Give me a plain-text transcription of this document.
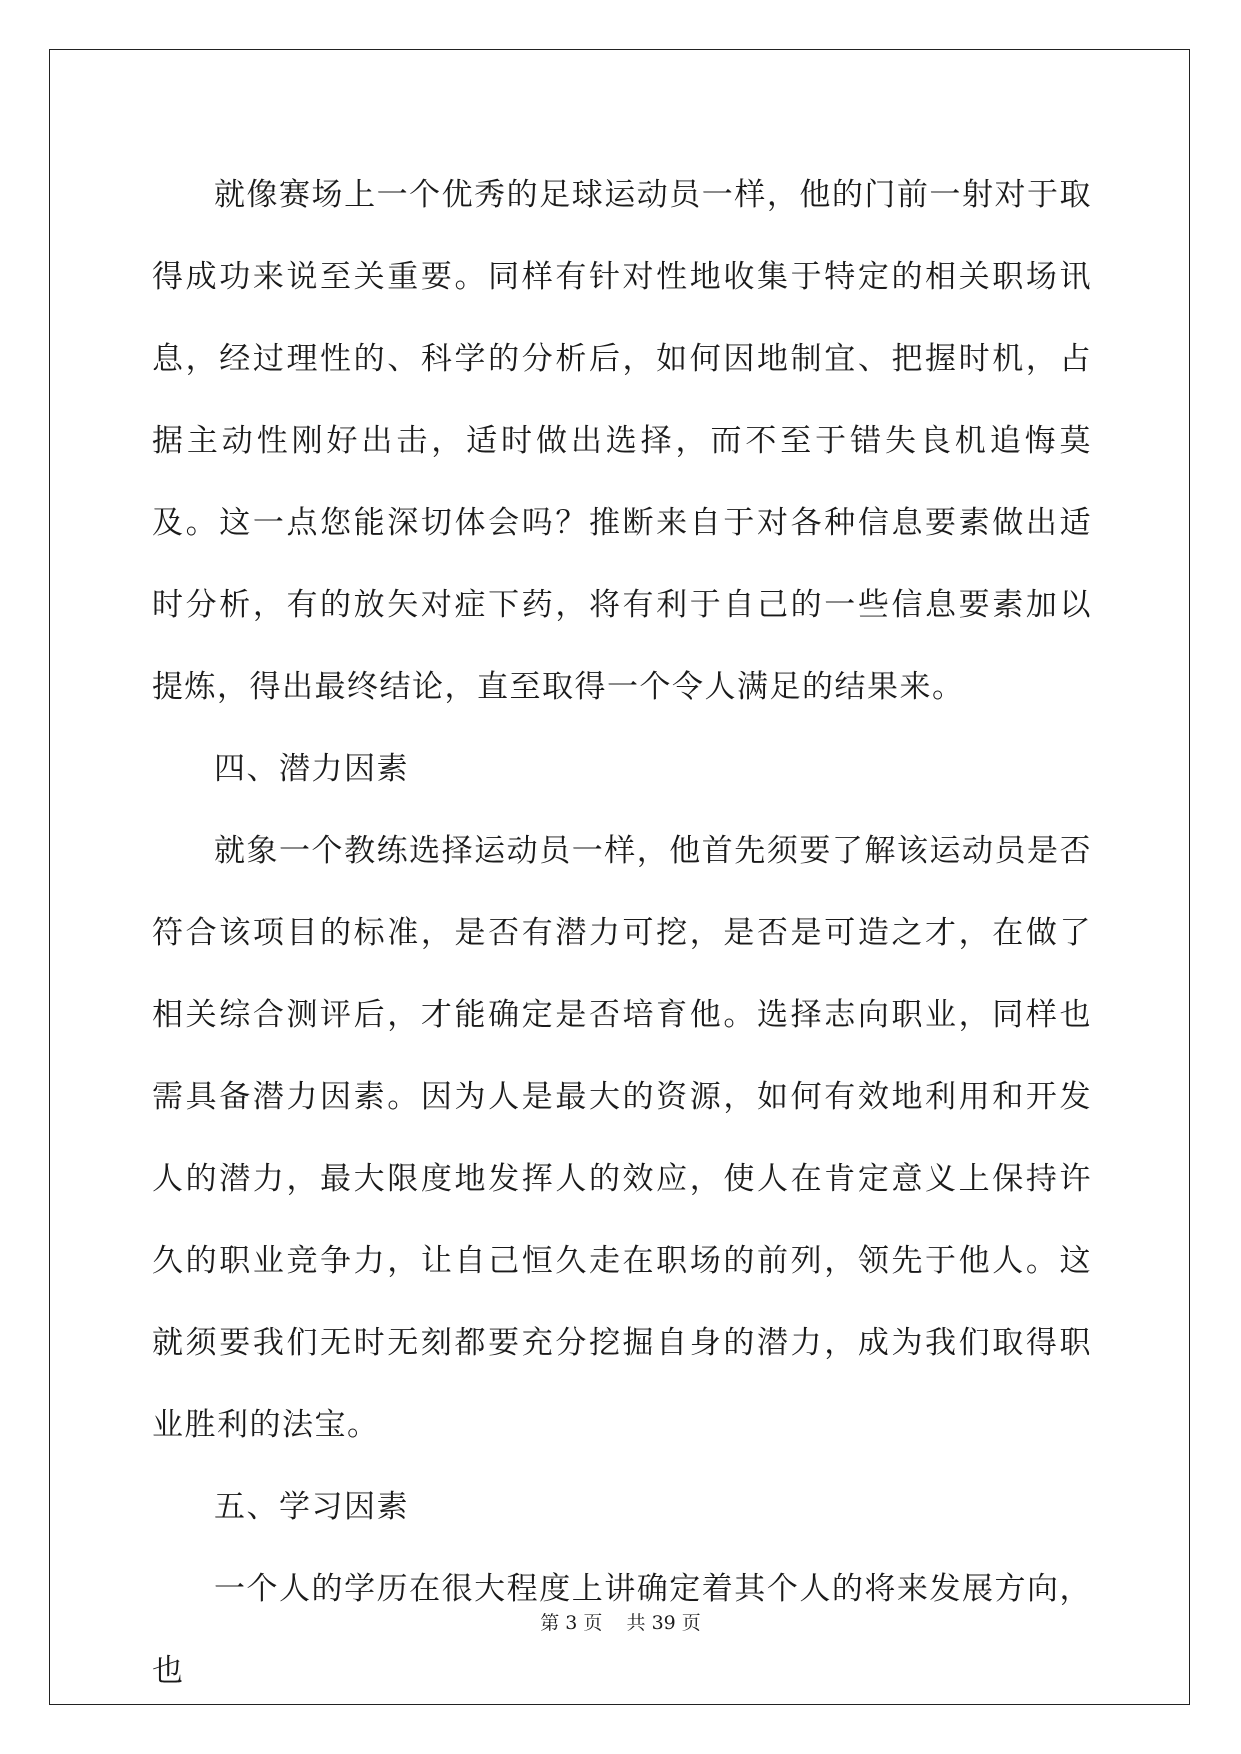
就像赛场上一个优秀的足球运动员一样，他的门前一射对于取得成功来说至关重要。同样有针对性地收集于特定的相关职场讯息，经过理性的、科学的分析后，如何因地制宜、把握时机，占据主动性刚好出击，适时做出选择，而不至于错失良机追悔莫及。这一点您能深切体会吗？推断来自于对各种信息要素做出适时分析，有的放矢对症下药，将有利于自己的一些信息要素加以提炼，得出最终结论，直至取得一个令人满足的结果来。

四、潜力因素

就象一个教练选择运动员一样，他首先须要了解该运动员是否符合该项目的标准，是否有潜力可挖，是否是可造之才，在做了相关综合测评后，才能确定是否培育他。选择志向职业，同样也需具备潜力因素。因为人是最大的资源，如何有效地利用和开发人的潜力，最大限度地发挥人的效应，使人在肯定意义上保持许久的职业竞争力，让自己恒久走在职场的前列，领先于他人。这就须要我们无时无刻都要充分挖掘自身的潜力，成为我们取得职业胜利的法宝。

五、学习因素

一个人的学历在很大程度上讲确定着其个人的将来发展方向，也

第 3 页    共 39 页
